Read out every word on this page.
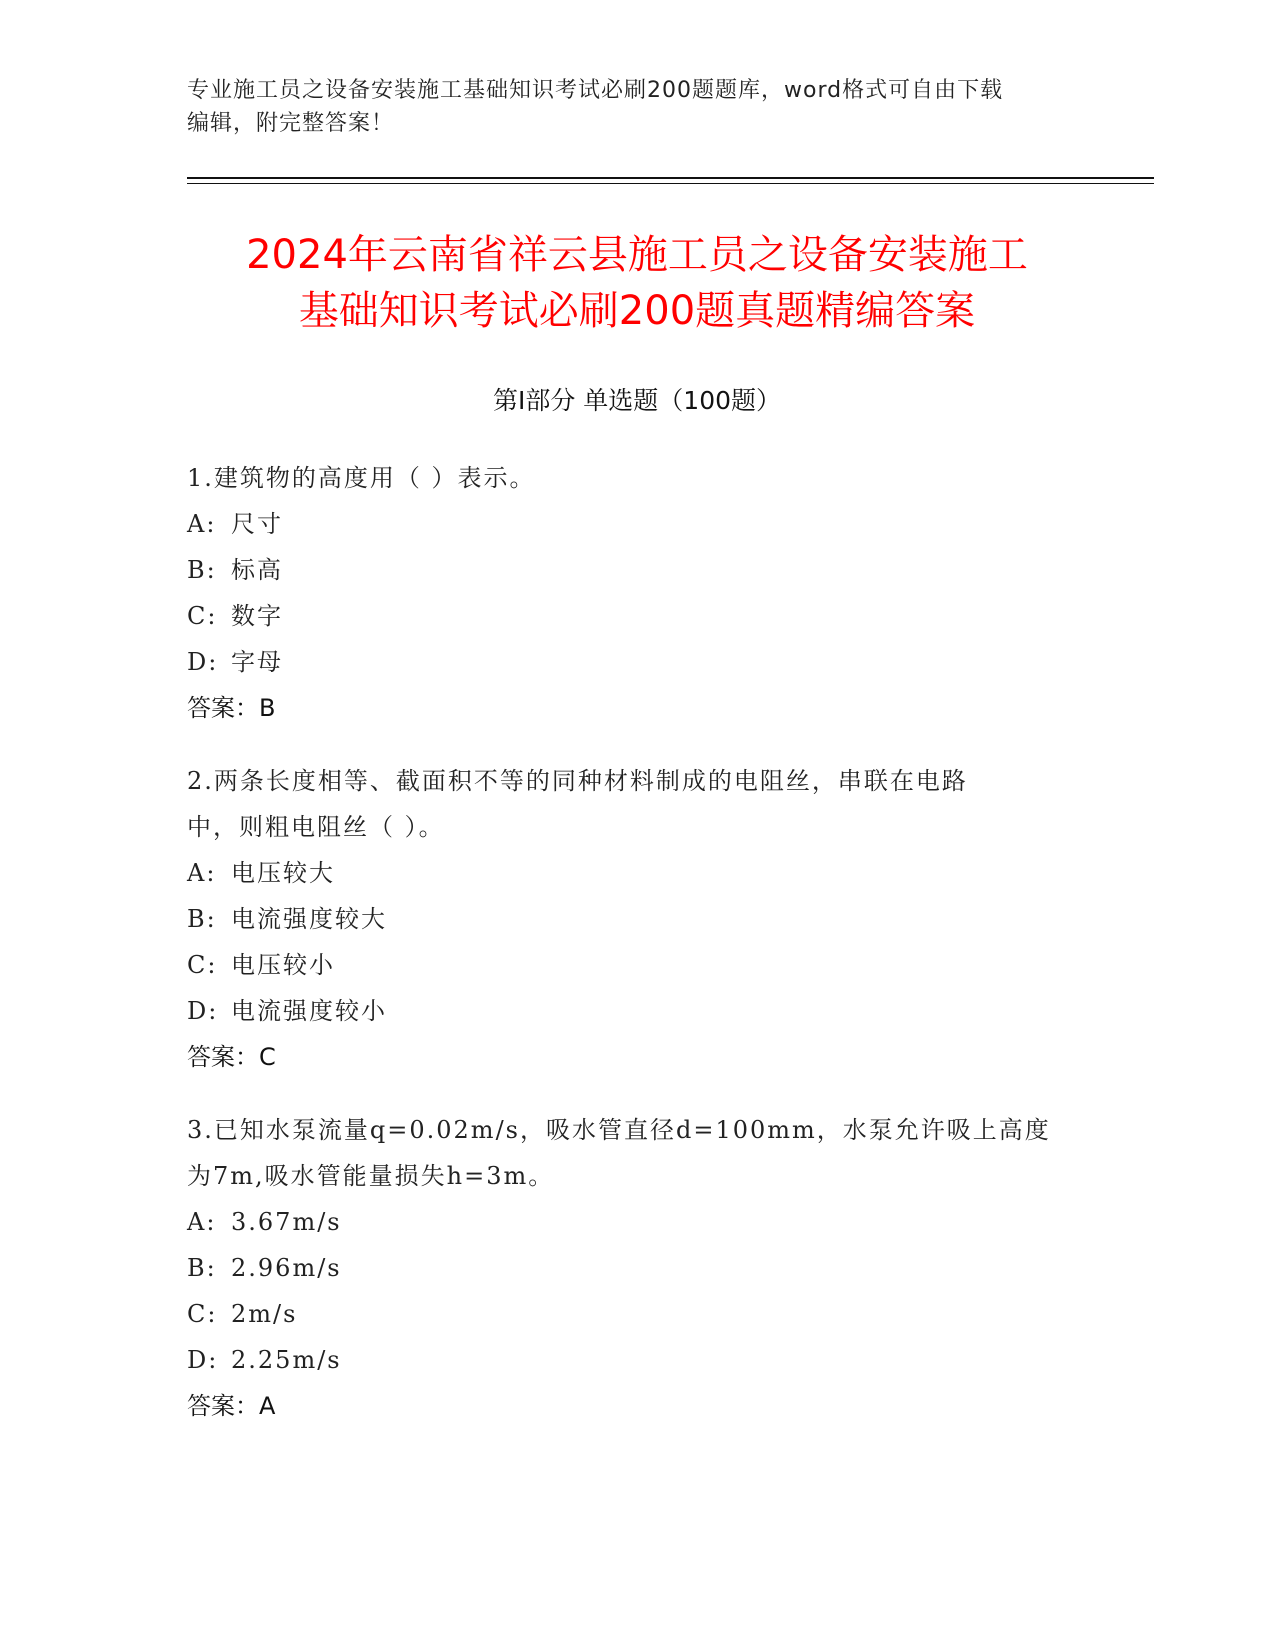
专业施工员之设备安装施工基础知识考试必刷200题题库，word格式可自由下载
编辑，附完整答案！
2024年云南省祥云县施工员之设备安装施工
基础知识考试必刷200题真题精编答案
第Ⅰ部分 单选题（100题）

1.建筑物的高度用（ ）表示。

A: 尺寸
B: 标高
C: 数字
D: 字母
答案： B

2.两条长度相等、截面积不等的同种材料制成的电阻丝，串联在电路

中，则粗电阻丝（ ）。

A: 电压较大
B: 电流强度较大
C: 电压较小
D: 电流强度较小
答案： C

3.已知水泵流量q=0.02m/s，吸水管直径d=100mm，水泵允许吸上高度

为7m,吸水管能量损失h=3m。

A: 3.67m/s
B: 2.96m/s
C: 2m/s
D: 2.25m/s
答案： A
